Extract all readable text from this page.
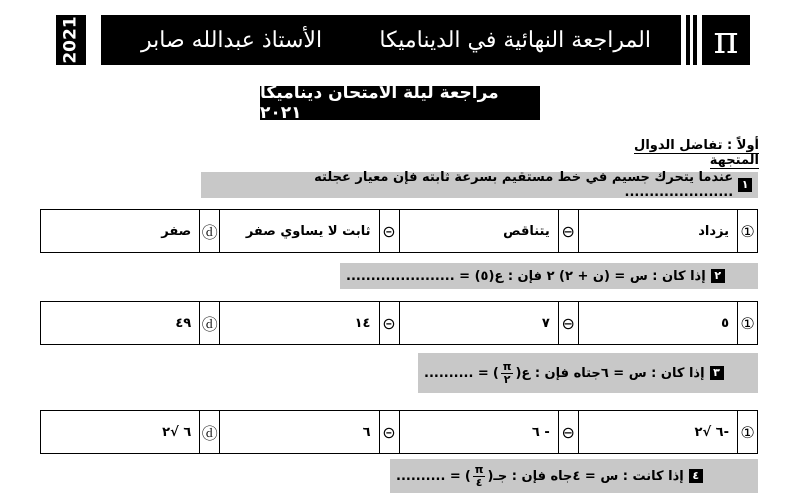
2021	الأستاذ عبدالله صابر	المراجعة النهائية في الديناميكا π
مراجعة ليلة الامتحان ديناميكا ٢٠٢١
أولاً : تفاضل الدوال المتجهة
١
عندما يتحرك جسيم في خط مستقيم بسرعة ثابته فإن معيار عجلته ......................
①	يزداد	⊖	يتناقص	⊝	ثابت لا يساوي صفر	ⓓ	صفر
٢
إذا كان : س = (ن + ٢) ٢ فإن : ع(٥) = ......................
①	٥	⊖	٧	⊝	١٤	ⓓ	٤٩
٣
إذا كان : س = ٦جتاه فإن : ع
(
$\frac{\pi}{٢}$
)
= ..........
①	-٦ √٢	⊖	- ٦	⊝	٦	ⓓ	٦ √٢
٤
إذا كانت : س = ٤جاه فإن : جـ
(
$\frac{\pi}{٤}$
)
= ..........
